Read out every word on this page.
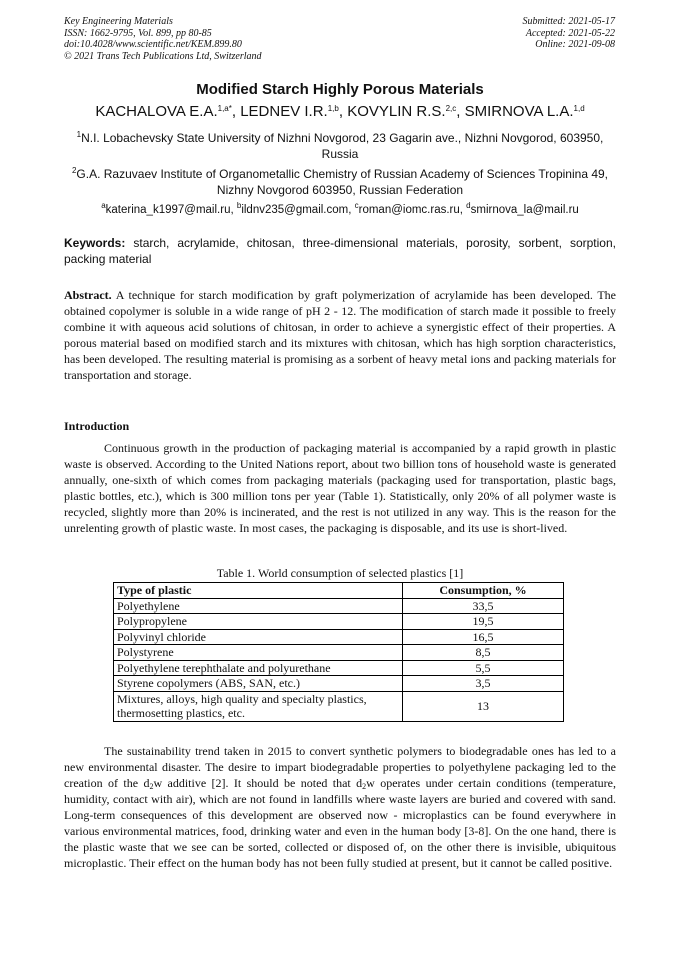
Key Engineering Materials
ISSN: 1662-9795, Vol. 899, pp 80-85
doi:10.4028/www.scientific.net/KEM.899.80
© 2021 Trans Tech Publications Ltd, Switzerland
Submitted: 2021-05-17
Accepted: 2021-05-22
Online: 2021-09-08
Modified Starch Highly Porous Materials
KACHALOVA E.A.$^{1,a*}$, LEDNEV I.R.$^{1,b}$, KOVYLIN R.S.$^{2,c}$, SMIRNOVA L.A.$^{1,d}$
$^1$N.I. Lobachevsky State University of Nizhni Novgorod, 23 Gagarin ave., Nizhni Novgorod, 603950, Russia
$^2$G.A. Razuvaev Institute of Organometallic Chemistry of Russian Academy of Sciences Tropinina 49, Nizhny Novgorod 603950, Russian Federation
$^a$katerina_k1997@mail.ru, $^b$ildnv235@gmail.com, $^c$roman@iomc.ras.ru, $^d$smirnova_la@mail.ru
Keywords: starch, acrylamide, chitosan, three-dimensional materials, porosity, sorbent, sorption, packing material
Abstract. A technique for starch modification by graft polymerization of acrylamide has been developed. The obtained copolymer is soluble in a wide range of pH 2 - 12. The modification of starch made it possible to freely combine it with aqueous acid solutions of chitosan, in order to achieve a synergistic effect of their properties. A porous material based on modified starch and its mixtures with chitosan, which has high sorption characteristics, has been developed. The resulting material is promising as a sorbent of heavy metal ions and packing materials for transportation and storage.
Introduction
Continuous growth in the production of packaging material is accompanied by a rapid growth in plastic waste is observed. According to the United Nations report, about two billion tons of household waste is generated annually, one-sixth of which comes from packaging materials (packaging used for transportation, plastic bags, plastic bottles, etc.), which is 300 million tons per year (Table 1). Statistically, only 20% of all polymer waste is recycled, slightly more than 20% is incinerated, and the rest is not utilized in any way. This is the reason for the unrelenting growth of plastic waste. In most cases, the packaging is disposable, and its use is short-lived.
Table 1. World consumption of selected plastics [1]
Type of plastic	Consumption, %
Polyethylene	33,5
Polypropylene	19,5
Polyvinyl chloride	16,5
Polystyrene	8,5
Polyethylene terephthalate and polyurethane	5,5
Styrene copolymers (ABS, SAN, etc.)	3,5
Mixtures, alloys, high quality and specialty plastics, thermosetting plastics, etc.	13
The sustainability trend taken in 2015 to convert synthetic polymers to biodegradable ones has led to a new environmental disaster. The desire to impart biodegradable properties to polyethylene packaging led to the creation of the $d_2w$ additive [2]. It should be noted that $d_2w$ operates under certain conditions (temperature, humidity, contact with air), which are not found in landfills where waste layers are buried and covered with sand. Long-term consequences of this development are observed now - microplastics can be found everywhere in various environmental matrices, food, drinking water and even in the human body [3-8]. On the one hand, there is the plastic waste that we see can be sorted, collected or disposed of, on the other there is invisible, ubiquitous microplastic. Their effect on the human body has not been fully studied at present, but it cannot be called positive.
